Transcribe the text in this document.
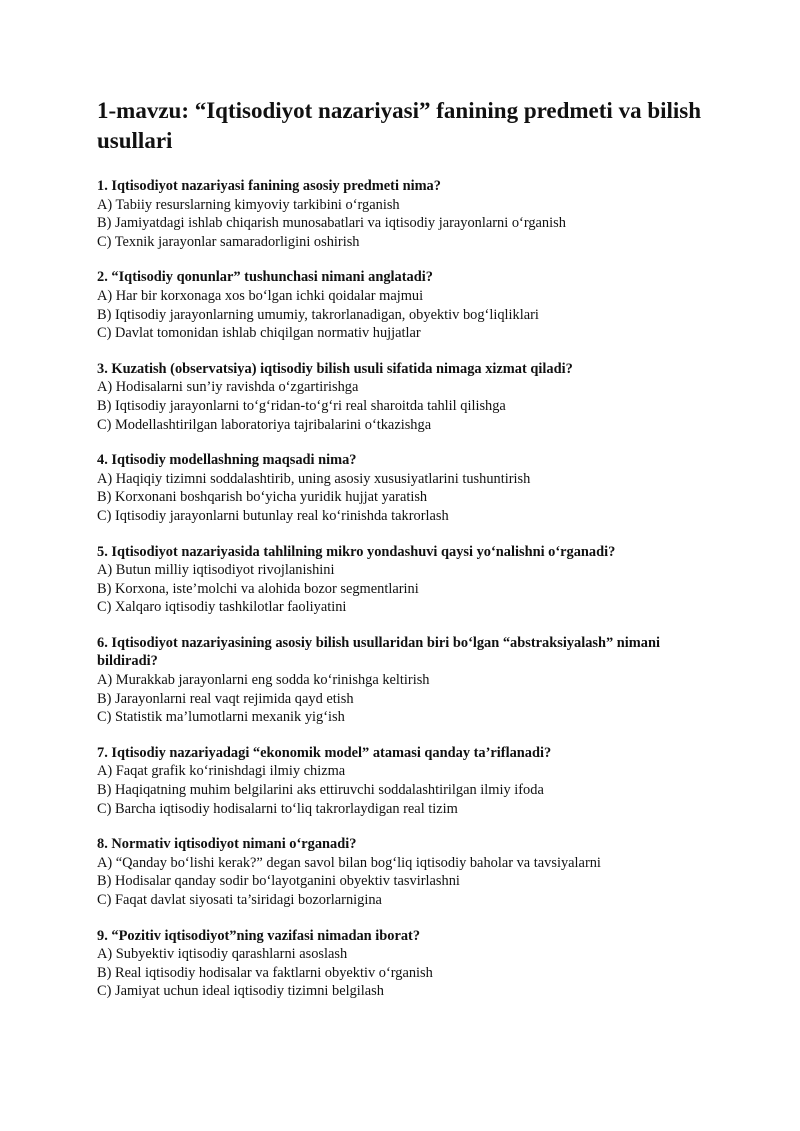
1-mavzu: “Iqtisodiyot nazariyasi” fanining predmeti va bilish usullari

1. Iqtisodiyot nazariyasi fanining asosiy predmeti nima?

A) Tabiiy resurslarning kimyoviy tarkibini o‘rganish

B) Jamiyatdagi ishlab chiqarish munosabatlari va iqtisodiy jarayonlarni o‘rganish

C) Texnik jarayonlar samaradorligini oshirish

2. “Iqtisodiy qonunlar” tushunchasi nimani anglatadi?

A) Har bir korxonaga xos bo‘lgan ichki qoidalar majmui

B) Iqtisodiy jarayonlarning umumiy, takrorlanadigan, obyektiv bog‘liqliklari

C) Davlat tomonidan ishlab chiqilgan normativ hujjatlar

3. Kuzatish (observatsiya) iqtisodiy bilish usuli sifatida nimaga xizmat qiladi?

A) Hodisalarni sun’iy ravishda o‘zgartirishga

B) Iqtisodiy jarayonlarni to‘g‘ridan-to‘g‘ri real sharoitda tahlil qilishga

C) Modellashtirilgan laboratoriya tajribalarini o‘tkazishga

4. Iqtisodiy modellashning maqsadi nima?

A) Haqiqiy tizimni soddalashtirib, uning asosiy xususiyatlarini tushuntirish

B) Korxonani boshqarish bo‘yicha yuridik hujjat yaratish

C) Iqtisodiy jarayonlarni butunlay real ko‘rinishda takrorlash

5. Iqtisodiyot nazariyasida tahlilning mikro yondashuvi qaysi yo‘nalishni o‘rganadi?

A) Butun milliy iqtisodiyot rivojlanishini

B) Korxona, iste’molchi va alohida bozor segmentlarini

C) Xalqaro iqtisodiy tashkilotlar faoliyatini

6. Iqtisodiyot nazariyasining asosiy bilish usullaridan biri bo‘lgan “abstraksiyalash” nimani bildiradi?

A) Murakkab jarayonlarni eng sodda ko‘rinishga keltirish

B) Jarayonlarni real vaqt rejimida qayd etish

C) Statistik ma’lumotlarni mexanik yig‘ish

7. Iqtisodiy nazariyadagi “ekonomik model” atamasi qanday ta’riflanadi?

A) Faqat grafik ko‘rinishdagi ilmiy chizma

B) Haqiqatning muhim belgilarini aks ettiruvchi soddalashtirilgan ilmiy ifoda

C) Barcha iqtisodiy hodisalarni to‘liq takrorlaydigan real tizim

8. Normativ iqtisodiyot nimani o‘rganadi?

A) “Qanday bo‘lishi kerak?” degan savol bilan bog‘liq iqtisodiy baholar va tavsiyalarni

B) Hodisalar qanday sodir bo‘layotganini obyektiv tasvirlashni

C) Faqat davlat siyosati ta’siridagi bozorlarnigina

9. “Pozitiv iqtisodiyot”ning vazifasi nimadan iborat?

A) Subyektiv iqtisodiy qarashlarni asoslash

B) Real iqtisodiy hodisalar va faktlarni obyektiv o‘rganish

C) Jamiyat uchun ideal iqtisodiy tizimni belgilash
